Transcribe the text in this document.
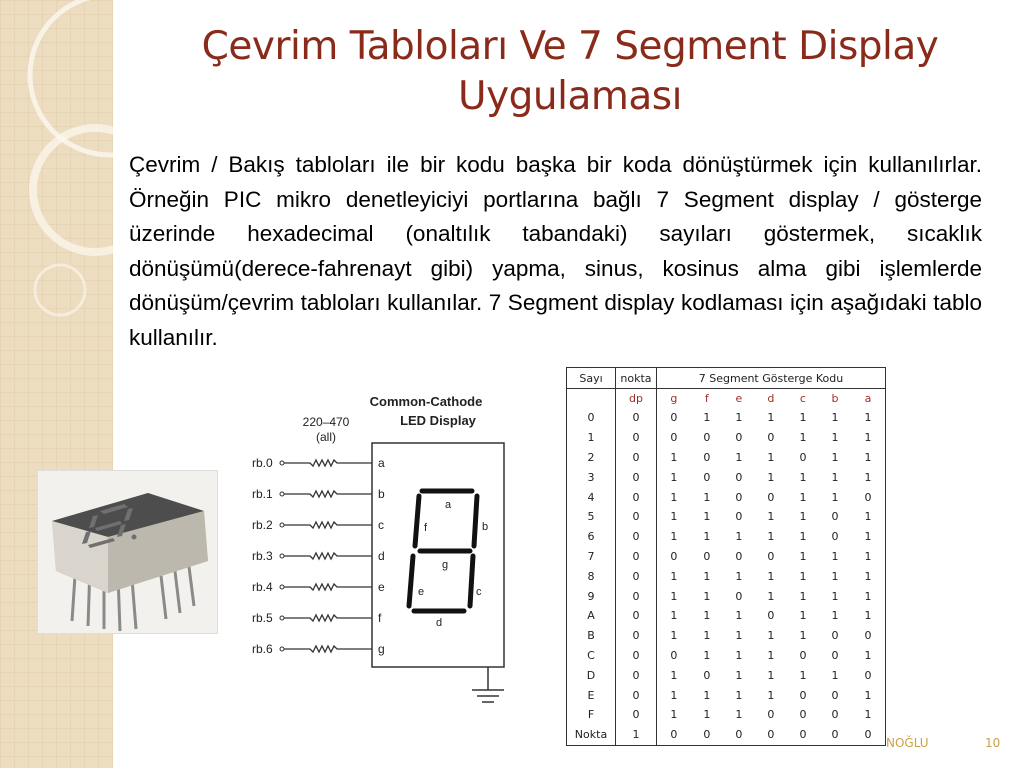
Çevrim Tabloları Ve 7 Segment Display
Uygulaması
Çevrim / Bakış tabloları ile bir kodu başka bir koda dönüştürmek için kullanılırlar. Örneğin PIC mikro denetleyiciyi portlarına bağlı 7 Segment display / gösterge üzerinde hexadecimal (onaltılık tabandaki) sayıları göstermek, sıcaklık dönüşümü(derece-fahrenayt gibi) yapma, sinus, kosinus alma gibi işlemlerde dönüşüm/çevrim tabloları kullanılar. 7 Segment display kodlaması için aşağıdaki tablo kullanılır.
Common-Cathode
LED Display
220–470
(all)
rb.0	a
rb.1	b
rb.2	c
rb.3	d
rb.4	e
rb.5	f
rb.6	g
a
b
c
d
e
f
g
Sayı	nokta	7 Segment Gösterge Kodu						
	dp	g	f	e	d	c	b	a
0	0	0	1	1	1	1	1	1
1	0	0	0	0	0	1	1	1
2	0	1	0	1	1	0	1	1
3	0	1	0	0	1	1	1	1
4	0	1	1	0	0	1	1	0
5	0	1	1	0	1	1	0	1
6	0	1	1	1	1	1	0	1
7	0	0	0	0	0	1	1	1
8	0	1	1	1	1	1	1	1
9	0	1	1	0	1	1	1	1
A	0	1	1	1	0	1	1	1
B	0	1	1	1	1	1	0	0
C	0	0	1	1	1	0	0	1
D	0	1	0	1	1	1	1	0
E	0	1	1	1	1	0	0	1
F	0	1	1	1	0	0	0	1
Nokta	1	0	0	0	0	0	0	0
NOĞLU	10
